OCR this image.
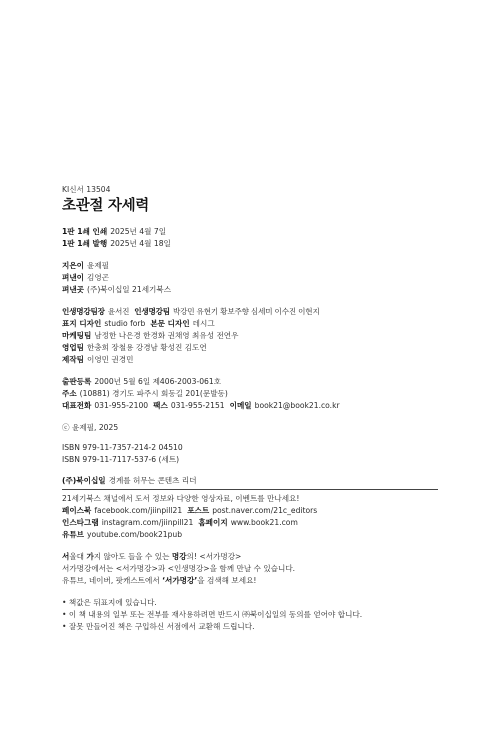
KI신서 13504
초관절 자세력
1판 1쇄 인쇄 2025년 4월 7일
1판 1쇄 발행 2025년 4월 18일
지은이 윤제필
펴낸이 김영곤
펴낸곳 (주)북이십일 21세기북스
인생명강팀장 윤서진 인생명강팀 박강민 유현기 황보주향 심세미 이수진 이현지
표지 디자인 studio forb 본문 디자인 데시그
마케팅팀 남정한 나은경 한경화 권채영 최유성 전연우
영업팀 한충희 장철용 강경남 황성진 김도연
제작팀 이영민 권경민
출판등록 2000년 5월 6일 제406-2003-061호
주소 (10881) 경기도 파주시 회동길 201(문발동)
대표전화 031-955-2100 팩스 031-955-2151 이메일 book21@book21.co.kr
ⓒ 윤제필, 2025
ISBN 979-11-7357-214-2 04510
ISBN 979-11-7117-537-6 (세트)
(주)북이십일 경계를 허무는 콘텐츠 리더
21세기북스 채널에서 도서 정보와 다양한 영상자료, 이벤트를 만나세요!
페이스북 facebook.com/jiinpill21 포스트 post.naver.com/21c_editors
인스타그램 instagram.com/jiinpill21 홈페이지 www.book21.com
유튜브 youtube.com/book21pub
서울대 가지 않아도 들을 수 있는 명강의! <서가명강>
서가명강에서는 <서가명강>과 <인생명강>을 함께 만날 수 있습니다.
유튜브, 네이버, 팟캐스트에서 ‘서가명강’을 검색해 보세요!
• 책값은 뒤표지에 있습니다.
• 이 책 내용의 일부 또는 전부를 재사용하려면 반드시 ㈜북이십일의 동의를 얻어야 합니다.
• 잘못 만들어진 책은 구입하신 서점에서 교환해 드립니다.
